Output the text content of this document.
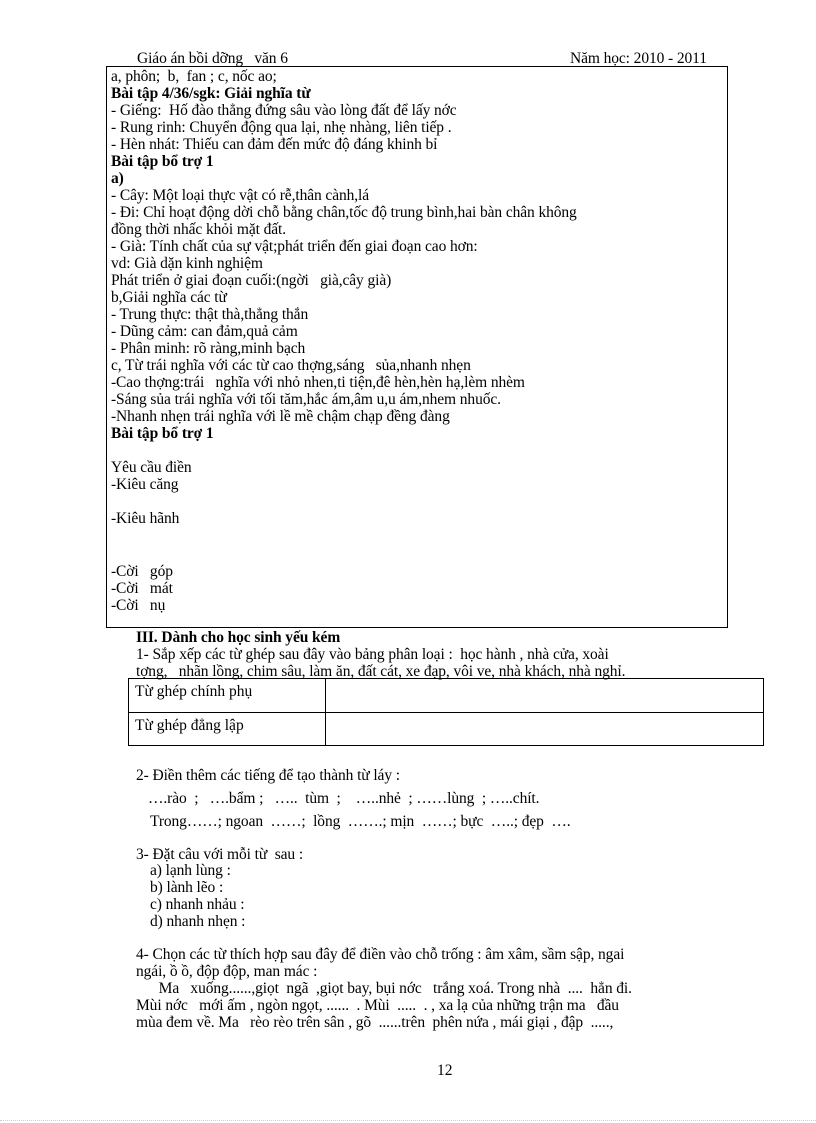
Giáo án bồi dỡng   văn 6	Năm học: 2010 - 2011
a, phôn;  b,  fan ; c, nốc ao;
Bài tập 4/36/sgk: Giải nghĩa từ
- Giếng:  Hố đào thẳng đứng sâu vào lòng đất để lấy nớc
- Rung rinh: Chuyển động qua lại, nhẹ nhàng, liên tiếp .
- Hèn nhát: Thiếu can đảm đến mức độ đáng khinh bỉ
Bài tập bổ trợ 1
a)
- Cây: Một loại thực vật có rễ,thân cành,lá
- Đi: Chỉ hoạt động dời chỗ bằng chân,tốc độ trung bình,hai bàn chân không
đồng thời nhấc khỏi mặt đất.
- Già: Tính chất của sự vật;phát triển đến giai đoạn cao hơn:
vd: Già dặn kinh nghiệm
Phát triển ở giai đoạn cuối:(ngời   già,cây già)
b,Giải nghĩa các từ
- Trung thực: thật thà,thẳng thắn
- Dũng cảm: can đảm,quả cảm
- Phân minh: rõ ràng,minh bạch
c, Từ trái nghĩa với các từ cao thợng,sáng   sủa,nhanh nhẹn
-Cao thợng:trái   nghĩa với nhỏ nhen,ti tiện,đê hèn,hèn hạ,lèm nhèm
-Sáng sủa trái nghĩa với tối tăm,hắc ám,âm u,u ám,nhem nhuốc.
-Nhanh nhẹn trái nghĩa với lề mề chậm chạp đềng đàng
Bài tập bổ trợ 1
Yêu cầu điền
-Kiêu căng
-Kiêu hãnh
-Cời   góp
-Cời   mát
-Cời   nụ
III. Dành cho học sinh yếu kém
1- Sắp xếp các từ ghép sau đây vào bảng phân loại :  học hành , nhà cửa, xoài
tợng,   nhãn lồng, chim sâu, làm ăn, đất cát, xe đạp, vôi ve, nhà khách, nhà nghỉ.
Từ ghép chính phụ	
Từ ghép đẳng lập	
2- Điền thêm các tiếng để tạo thành từ láy :
….rào  ;   ….bẩm ;   …..  tùm  ;    …..nhẻ  ; ……lùng  ; …..chít.
Trong……; ngoan  ……;  lồng  …….; mịn  ……; bực  …..; đẹp  ….
3- Đặt câu với mỗi từ  sau :
a) lạnh lùng :
b) lành lẽo :
c) nhanh nhảu :
d) nhanh nhẹn :
4- Chọn các từ thích hợp sau đây để điền vào chỗ trống : âm xâm, sầm sập, ngai
ngái, ồ ồ, độp độp, man mác :
Ma   xuống......,giọt  ngã  ,giọt bay, bụi nớc   trắng xoá. Trong nhà  ....  hẳn đi.
Mùi nớc   mới ấm , ngòn ngọt, ......  . Mùi  .....  . , xa lạ của những trận ma   đầu
mùa đem về. Ma   rèo rèo trên sân , gõ  ......trên  phên nứa , mái giại , đập  .....,
12
